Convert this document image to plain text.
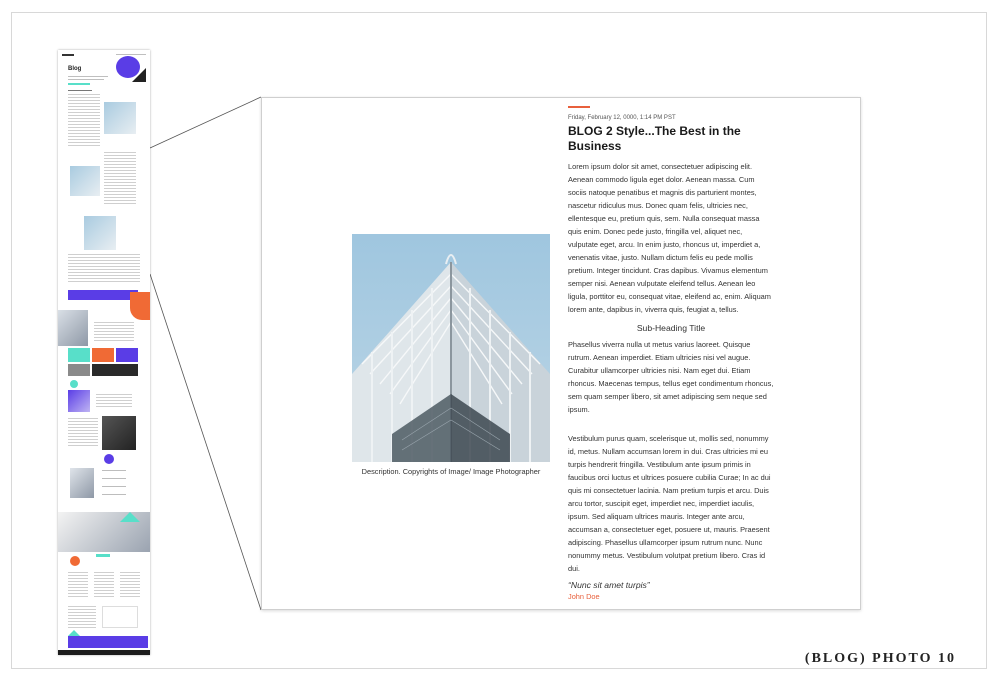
Blog
Friday, February 12, 0000, 1:14 PM PST
BLOG 2 Style...The Best in the Business

Lorem ipsum dolor sit amet, consectetuer adipiscing elit. Aenean commodo ligula eget dolor. Aenean massa. Cum sociis natoque penatibus et magnis dis parturient montes, nascetur ridiculus mus. Donec quam felis, ultricies nec, ellentesque eu, pretium quis, sem. Nulla consequat massa quis enim. Donec pede justo, fringilla vel, aliquet nec, vulputate eget, arcu. In enim justo, rhoncus ut, imperdiet a, venenatis vitae, justo. Nullam dictum felis eu pede mollis pretium. Integer tincidunt. Cras dapibus. Vivamus elementum semper nisi. Aenean vulputate eleifend tellus. Aenean leo ligula, porttitor eu, consequat vitae, eleifend ac, enim. Aliquam lorem ante, dapibus in, viverra quis, feugiat a, tellus.

Sub-Heading Title

Phasellus viverra nulla ut metus varius laoreet. Quisque rutrum. Aenean imperdiet. Etiam ultricies nisi vel augue. Curabitur ullamcorper ultricies nisi. Nam eget dui. Etiam rhoncus. Maecenas tempus, tellus eget condimentum rhoncus, sem quam semper libero, sit amet adipiscing sem neque sed ipsum.

Vestibulum purus quam, scelerisque ut, mollis sed, nonummy id, metus. Nullam accumsan lorem in dui. Cras ultricies mi eu turpis hendrerit fringilla. Vestibulum ante ipsum primis in faucibus orci luctus et ultrices posuere cubilia Curae; In ac dui quis mi consectetuer lacinia. Nam pretium turpis et arcu. Duis arcu tortor, suscipit eget, imperdiet nec, imperdiet iaculis, ipsum. Sed aliquam ultrices mauris. Integer ante arcu, accumsan a, consectetuer eget, posuere ut, mauris. Praesent adipiscing. Phasellus ullamcorper ipsum rutrum nunc. Nunc nonummy metus. Vestibulum volutpat pretium libero. Cras id dui.

“Nunc sit amet turpis”
John Doe
Description. Copyrights of Image/ Image Photographer
(BLOG) PHOTO 10
